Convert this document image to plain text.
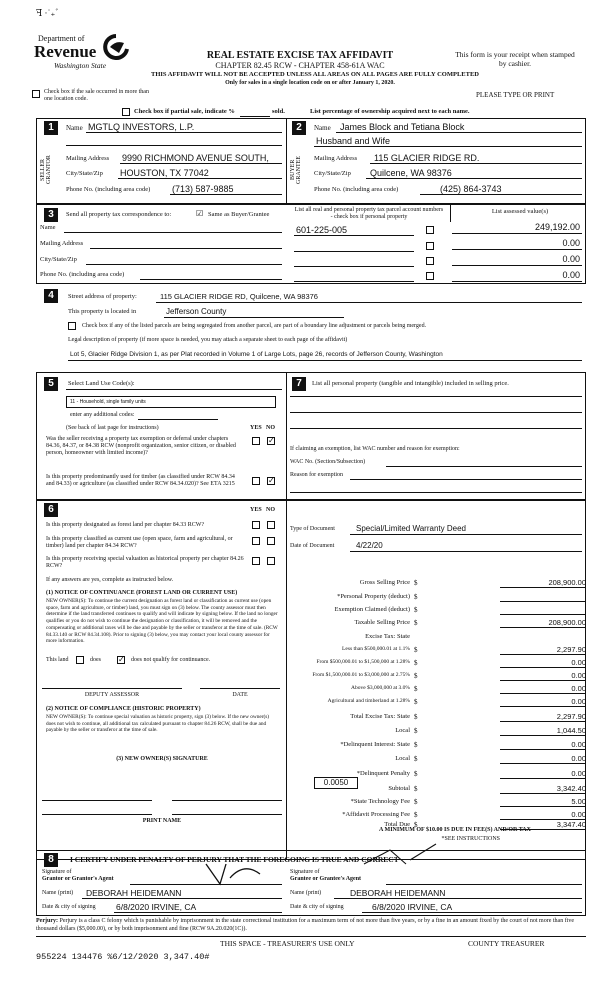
ꟻ ·˙₊ﾞ
Department of
Revenue
Washington State
REAL ESTATE EXCISE TAX AFFIDAVIT
CHAPTER 82.45 RCW - CHAPTER 458-61A WAC
THIS AFFIDAVIT WILL NOT BE ACCEPTED UNLESS ALL AREAS ON ALL PAGES ARE FULLY COMPLETED
Only for sales in a single location code on or after January 1, 2020.
This form is your receipt when stamped by cashier.
Check box if the sale occurred in more than one location code.	PLEASE TYPE OR PRINT
Check box if partial sale, indicate %	sold.	List percentage of ownership acquired next to each name.
1	Name MGTLQ INVESTORS, L.P.
SELLER GRANTOR Mailing Address 9990 RICHMOND AVENUE SOUTH,
City/State/Zip HOUSTON, TX 77042
Phone No. (including area code) (713) 587-9885
2	Name James Block and Tetiana Block
Husband and Wife
BUYER GRANTEE Mailing Address 115 GLACIER RIDGE RD.
City/State/Zip Quilcene, WA 98376
Phone No. (including area code)	(425) 864-3743
3	Send all property tax correspondence to:	☑ Same as Buyer/Grantee
List all real and personal property tax parcel account numbers - check box if personal property
List assessed value(s)
Name
Mailing Address
City/State/Zip
Phone No. (including area code)
601-225-005	249,192.00
0.00
0.00
0.00
4	Street address of property:	115 GLACIER RIDGE RD, Quilcene, WA 98376
This property is located in	Jefferson County
Check box if any of the listed parcels are being segregated from another parcel, are part of a boundary line adjustment or parcels being merged.
Legal description of property (if more space is needed, you may attach a separate sheet to each page of the affidavit)
Lot 5, Glacier Ridge Division 1, as per Plat recorded in Volume 1 of Large Lots, page 26, records of Jefferson County, Washington
5	Select Land Use Code(s):
11 - Household, single family units
enter any additional codes:
(See back of last page for instructions)	YES NO
Was the seller receiving a property tax exemption or deferral under chapters 84.36, 84.37, or 84.38 RCW (nonprofit organization, senior citizen, or disabled person, homeowner with limited income)?
✓
Is this property predominantly used for timber (as classified under RCW 84.34 and 84.33) or agriculture (as classified under RCW 84.34.020)? See ETA 3215	✓
7	List all personal property (tangible and intangible) included in selling price.
If claiming an exemption, list WAC number and reason for exemption:
WAC No. (Section/Subsection)
Reason for exemption
6	YES NO
Is this property designated as forest land per chapter 84.33 RCW?
Is this property classified as current use (open space, farm and agricultural, or timber) land per chapter 84.34 RCW?
Is this property receiving special valuation as historical property per chapter 84.26 RCW?
If any answers are yes, complete as instructed below.
(1) NOTICE OF CONTINUANCE (FOREST LAND OR CURRENT USE)
NEW OWNER(S): To continue the current designation as forest land or classification as current use (open space, farm and agriculture, or timber) land, you must sign on (3) below. The county assessor must then determine if the land transferred continues to qualify and will indicate by signing below. If the land no longer qualifies or you do not wish to continue the designation or classification, it will be removed and the compensating or additional taxes will be due and payable by the seller or transferor at the time of sale. (RCW 84.33.140 or RCW 84.34.108). Prior to signing (3) below, you may contact your local county assessor for more information.
This land	does ✓ does not qualify for continuance.
DEPUTY ASSESSOR	DATE
(2) NOTICE OF COMPLIANCE (HISTORIC PROPERTY)
NEW OWNER(S): To continue special valuation as historic property, sign (3) below. If the new owner(s) does not wish to continue, all additional tax calculated pursuant to chapter 84.26 RCW, shall be due and payable by the seller or transferor at the time of sale.
(3) NEW OWNER(S) SIGNATURE
PRINT NAME
Type of Document	Special/Limited Warranty Deed
Date of Document	4/22/20
Gross Selling Price $	208,900.00
*Personal Property (deduct) $
Exemption Claimed (deduct) $
Taxable Selling Price $	208,900.00
Excise Tax: State
Less than $500,000.01 at 1.1% $	2,297.90
From $500,000.01 to $1,500,000 at 1.28% $	0.00
From $1,500,000.01 to $3,000,000 at 2.75% $	0.00
Above $3,000,000 at 3.0% $	0.00
Agricultural and timberland at 1.28% $	0.00
Total Excise Tax: State $	2,297.90
Local $	1,044.50
*Delinquent Interest: State $	0.00
Local $	0.00
*Delinquent Penalty $	0.00
Subtotal $	3,342.40
*State Technology Fee $	5.00
*Affidavit Processing Fee $	0.00
Total Due $	3,347.40
0.0050
A MINIMUM OF $10.00 IS DUE IN FEE(S) AND/OR TAX
*SEE INSTRUCTIONS
8	I CERTIFY UNDER PENALTY OF PERJURY THAT THE FOREGOING IS TRUE AND CORRECT
Signature of
Grantor or Grantor's Agent
Signature of
Grantee or Grantee's Agent
Name (print) DEBORAH HEIDEMANN
Date & city of signing 6/8/2020 IRVINE, CA
Name (print)	DEBORAH HEIDEMANN
Date & city of signing	6/8/2020 IRVINE, CA
Perjury: Perjury is a class C felony which is punishable by imprisonment in the state correctional institution for a maximum term of not more than five years, or by a fine in an amount fixed by the court of not more than five thousand dollars ($5,000.00), or by both imprisonment and fine (RCW 9A.20.020(1C)).
THIS SPACE - TREASURER'S USE ONLY	COUNTY TREASURER
955224 134476 %6/12/2020 3,347.40#
